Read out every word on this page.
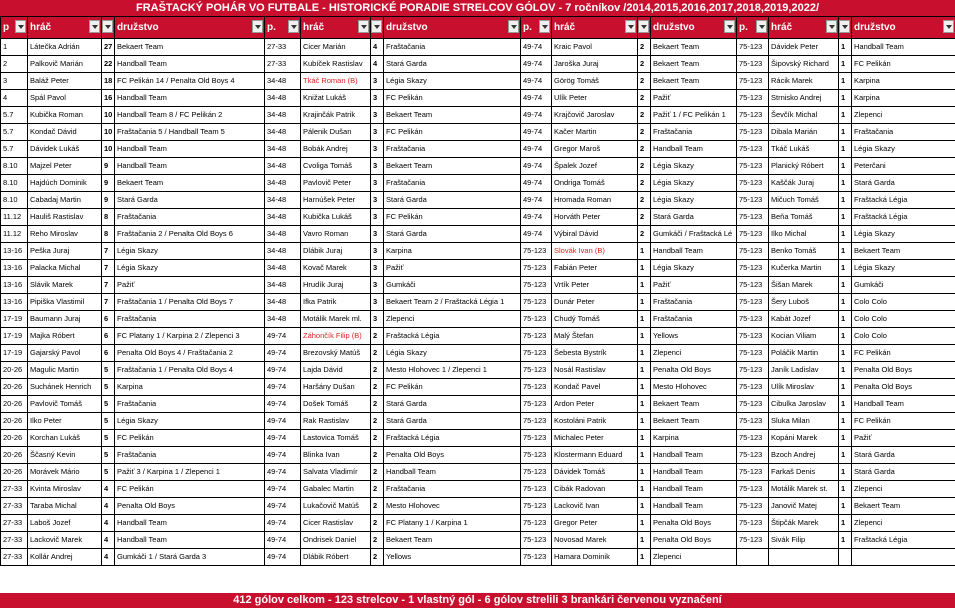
FRAŠTACKÝ POHÁR VO FUTBALE - HISTORICKÉ PORADIE STRELCOV GÓLOV - 7 ročníkov /2014,2015,2016,2017,2018,2019,2022/
p	hráč		družstvo	p.	hráč		družstvo	p.	hráč		družstvo	p.	hráč		družstvo

1	Látečka Adrián	27	Bekaert Team	27-33	Cicer Marián	4	Fraštačania	49-74	Kraic Pavol	2	Bekaert Team	75-123	Dávidek Peter	1	Handball Team
2	Palkovič Marián	22	Handball Team	27-33	Kubíček Rastislav	4	Stará Garda	49-74	Jaroška Juraj	2	Bekaert Team	75-123	Šipovský Richard	1	FC Pelikán
3	Baláž Peter	18	FC Pelikán 14 / Penalta Old Boys 4	34-48	Tkáč Roman (B)	3	Légia Skazy	49-74	Görög Tomáš	2	Bekaert Team	75-123	Rácik Marek	1	Karpina
4	Spál Pavol	16	Handball Team	34-48	Knižat Lukáš	3	FC Pelikán	49-74	Ulík Peter	2	Pažiť	75-123	Strnisko Andrej	1	Karpina
5.7	Kubička Roman	10	Handball Team 8 / FC Pelikán 2	34-48	Krajinčák Patrik	3	Bekaert Team	49-74	Krajčovič Jaroslav	2	Pažiť 1 / FC Pelikán 1	75-123	Ševčík Michal	1	Zlepenci
5.7	Kondač Dávid	10	Fraštačania 5 / Handball Team 5	34-48	Pálenik Dušan	3	FC Pelikán	49-74	Kačer Martin	2	Fraštačania	75-123	Dibala Marián	1	Fraštačania
5.7	Dávidek Lukáš	10	Handball Team	34-48	Bobák Andrej	3	Fraštačania	49-74	Gregor Maroš	2	Handball Team	75-123	Tkáč Lukáš	1	Légia Skazy
8.10	Majzel Peter	9	Handball Team	34-48	Cvoliga Tomáš	3	Bekaert Team	49-74	Špalek Jozef	2	Légia Skazy	75-123	Planický Róbert	1	Peterčani
8.10	Hajdúch Dominik	9	Bekaert Team	34-48	Pavlovič Peter	3	Fraštačania	49-74	Ondriga Tomáš	2	Légia Skazy	75-123	Kaščák Juraj	1	Stará Garda
8.10	Cabadaj Martin	9	Stará Garda	34-48	Harnúšek Peter	3	Stará Garda	49-74	Hromada Roman	2	Légia Skazy	75-123	Mičuch Tomáš	1	Fraštacká Légia
11.12	Hauliš Rastislav	8	Fraštačania	34-48	Kubička Lukáš	3	FC Pelikán	49-74	Horváth Peter	2	Stará Garda	75-123	Beňa Tomáš	1	Fraštacká Légia
11.12	Reho Miroslav	8	Fraštačania 2 / Penalta Old Boys 6	34-48	Vavro Roman	3	Stará Garda	49-74	Výbiral Dávid	2	Gumkáči / Fraštacká Lé	75-123	Ilko Michal	1	Légia Skazy
13-16	Peška Juraj	7	Légia Skazy	34-48	Dlábik Juraj	3	Karpina	75-123	Slovák Ivan (B)	1	Handball Team	75-123	Benko Tomáš	1	Bekaert Team
13-16	Palacka Michal	7	Légia Skazy	34-48	Kovač Marek	3	Pažiť	75-123	Fabián Peter	1	Légia Skazy	75-123	Kučerka Martin	1	Légia Skazy
13-16	Slávik Marek	7	Pažiť	34-48	Hrudík Juraj	3	Gumkáči	75-123	Vrtík Peter	1	Pažiť	75-123	Šišan Marek	1	Gumkáči
13-16	Pipiška Vlastimil	7	Fraštačania 1 / Penalta Old Boys 7	34-48	Ifka Patrik	3	Bekaert Team 2 / Fraštacká Légia 1	75-123	Dunár Peter	1	Fraštačania	75-123	Šery Luboš	1	Colo Colo
17-19	Baumann Juraj	6	Fraštačania	34-48	Motálik Marek ml.	3	Zlepenci	75-123	Chudý Tomáš	1	Fraštačania	75-123	Kabát Jozef	1	Colo Colo
17-19	Majka Róbert	6	FC Platany 1 / Karpina 2 / Zlepenci 3	49-74	Záhončík Filip (B)	2	Fraštacká Légia	75-123	Malý Štefan	1	Yellows	75-123	Kocian Viliam	1	Colo Colo
17-19	Gajarský Pavol	6	Penalta Old Boys 4 / Fraštačania 2	49-74	Brezovský Matúš	2	Légia Skazy	75-123	Šebesta Bystrík	1	Zlepenci	75-123	Poláčik Martin	1	FC Pelikán
20-26	Magulic Martin	5	Fraštačania 1 / Penalta Old Boys 4	49-74	Lajda Dávid	2	Mesto Hlohovec 1 / Zlepenci 1	75-123	Nosál Rastislav	1	Penalta Old Boys	75-123	Janík Ladislav	1	Penalta Old Boys
20-26	Suchánek Henrich	5	Karpina	49-74	Haršány Dušan	2	FC Pelikán	75-123	Kondač Pavel	1	Mesto Hlohovec	75-123	Ulík Miroslav	1	Penalta Old Boys
20-26	Pavlovič Tomáš	5	Fraštačania	49-74	Došek Tomáš	2	Stará Garda	75-123	Ardon Peter	1	Bekaert Team	75-123	Cibulka Jaroslav	1	Handball Team
20-26	Ilko Peter	5	Légia Skazy	49-74	Rak Rastislav	2	Stará Garda	75-123	Kostoláni Patrik	1	Bekaert Team	75-123	Sluka Milan	1	FC Pelikán
20-26	Korchan Lukáš	5	FC Pelikán	49-74	Lastovica Tomáš	2	Fraštacká Légia	75-123	Michalec Peter	1	Karpina	75-123	Kopáni Marek	1	Pažiť
20-26	Ščasný Kevin	5	Fraštačania	49-74	Blinka Ivan	2	Penalta Old Boys	75-123	Klostermann Eduard	1	Handball Team	75-123	Bzoch Andrej	1	Stará Garda
20-26	Morávek Mário	5	Pažiť 3 / Karpina 1 / Zlepenci 1	49-74	Salvata Vladimír	2	Handball Team	75-123	Dávidek Tomáš	1	Handball Team	75-123	Farkaš Denis	1	Stará Garda
27-33	Kvinta Miroslav	4	FC Pelikán	49-74	Gabalec Martin	2	Fraštačania	75-123	Cibák Radovan	1	Handball Team	75-123	Motálik Marek st.	1	Zlepenci
27-33	Taraba Michal	4	Penalta Old Boys	49-74	Lukačovič Matúš	2	Mesto Hlohovec	75-123	Lackovič Ivan	1	Handball Team	75-123	Janovič Matej	1	Bekaert Team
27-33	Laboš Jozef	4	Handball Team	49-74	Cicer Rastislav	2	FC Platany 1 / Karpina 1	75-123	Gregor Peter	1	Penalta Old Boys	75-123	Štipčák Marek	1	Zlepenci
27-33	Lackovič Marek	4	Handball Team	49-74	Ondrisek Daniel	2	Bekaert Team	75-123	Novosad Marek	1	Penalta Old Boys	75-123	Sivák Filip	1	Fraštacká Légia
27-33	Kollár Andrej	4	Gumkáči 1 / Stará Garda 3	49-74	Dlábik Róbert	2	Yellows	75-123	Hamara Dominik	1	Zlepenci				
412 gólov celkom - 123 strelcov - 1 vlastný gól - 6 gólov strelili 3 brankári červenou vyznačení
